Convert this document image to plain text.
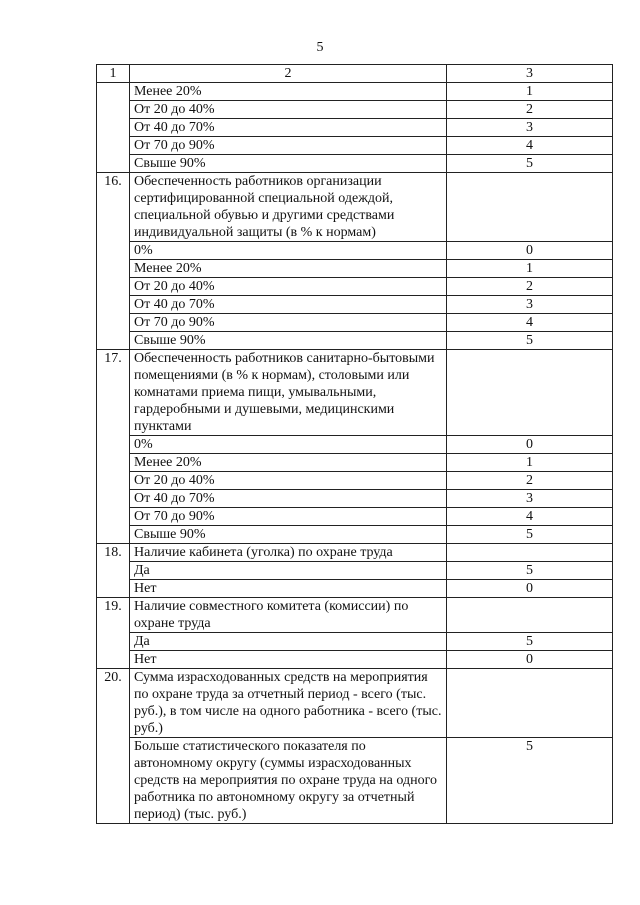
5
1	2	3
	Менее 20%	1
	От 20 до 40%	2
	От 40 до 70%	3
	От 70 до 90%	4
	Свыше 90%	5
16.	Обеспеченность работников организации сертифицированной специальной одеждой, специальной обувью и другими средствами индивидуальной защиты (в % к нормам)	
	0%	0
	Менее 20%	1
	От 20 до 40%	2
	От 40 до 70%	3
	От 70 до 90%	4
	Свыше 90%	5
17.	Обеспеченность работников санитарно-бытовыми помещениями (в % к нормам), столовыми или комнатами приема пищи, умывальными, гардеробными и душевыми, медицинскими пунктами	
	0%	0
	Менее 20%	1
	От 20 до 40%	2
	От 40 до 70%	3
	От 70 до 90%	4
	Свыше 90%	5
18.	Наличие кабинета (уголка) по охране труда	
	Да	5
	Нет	0
19.	Наличие совместного комитета (комиссии) по охране труда	
	Да	5
	Нет	0
20.	Сумма израсходованных средств на мероприятия по охране труда за отчетный период - всего (тыс. руб.), в том числе на одного работника - всего (тыс. руб.)	
	Больше статистического показателя по автономному округу (суммы израсходованных средств на мероприятия по охране труда на одного работника по автономному округу за отчетный период) (тыс. руб.)	5
